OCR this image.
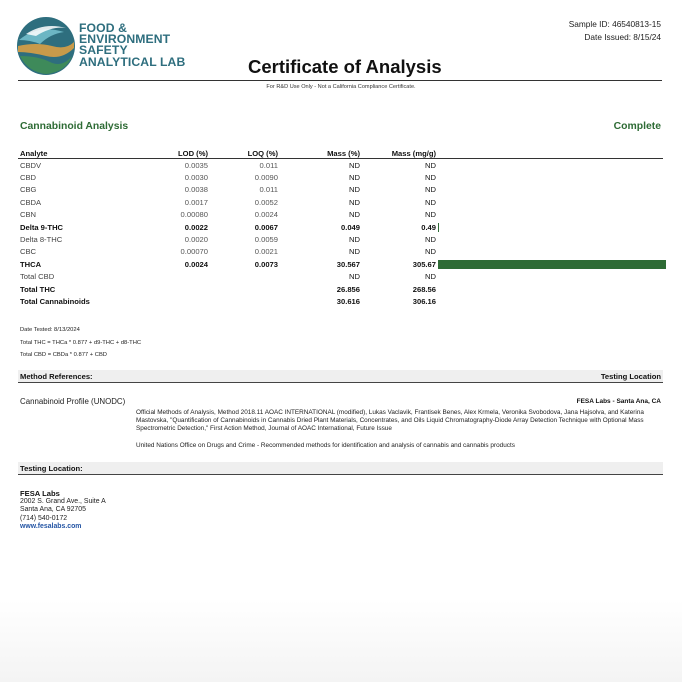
FOOD &
ENVIRONMENT
SAFETY
ANALYTICAL LAB	Certificate of Analysis
Sample ID: 46540813-15
Date Issued: 8/15/24
For R&D Use Only - Not a California Compliance Certificate.
Cannabinoid Analysis	Complete
Analyte	LOD (%)	LOQ (%)	Mass (%)	Mass (mg/g)	
CBDV	0.0035	0.011	ND	ND	
CBD	0.0030	0.0090	ND	ND	
CBG	0.0038	0.011	ND	ND	
CBDA	0.0017	0.0052	ND	ND	
CBN	0.00080	0.0024	ND	ND	
Delta 9-THC	0.0022	0.0067	0.049	0.49	

Delta 8-THC	0.0020	0.0059	ND	ND	
CBC	0.00070	0.0021	ND	ND	
THCA	0.0024	0.0073	30.567	305.67	

Total CBD			ND	ND	
Total THC			26.856	268.56	
Total Cannabinoids			30.616	306.16	
Date Tested: 8/13/2024
Total THC = THCa * 0.877 + d9-THC + d8-THC
Total CBD = CBDa * 0.877 + CBD
Method References:	Testing Location
Cannabinoid Profile (UNODC)	FESA Labs - Santa Ana, CA

Official Methods of Analysis, Method 2018.11 AOAC INTERNATIONAL (modified), Lukas Vaclavik, Frantisek Benes, Alex Krmela, Veronika Svobodova, Jana Hajsolva, and Katerina Mastovska, "Quantification of Cannabinoids in Cannabis Dried Plant Materials, Concentrates, and Oils Liquid Chromatography-Diode Array Detection Technique with Optional Mass Spectrometric Detection," First Action Method, Journal of AOAC International, Future Issue

United Nations Office on Drugs and Crime - Recommended methods for identification and analysis of cannabis and cannabis products

Testing Location:
FESA Labs
2002 S. Grand Ave., Suite A
Santa Ana, CA 92705
(714) 540-0172
www.fesalabs.com
